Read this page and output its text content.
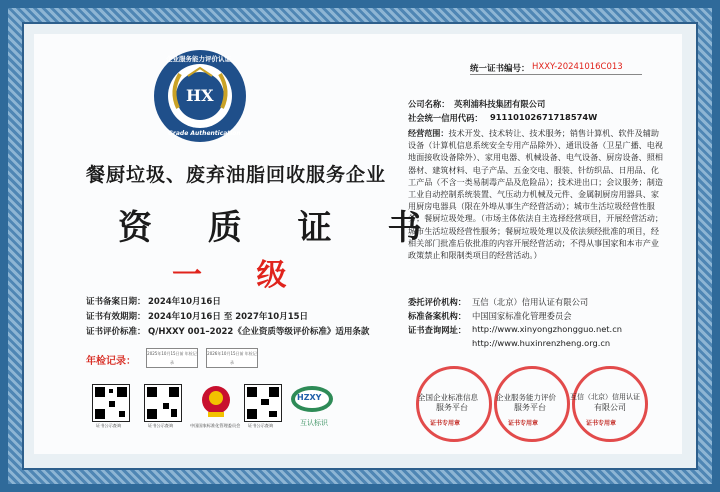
统一证书编号： HXXY-20241016C013
HX
企业服务能力评价认证
Grade Authentication
餐厨垃圾、废弃油脂回收服务企业
资 质 证 书
一 级
证书备案日期： 2024年10月16日
证书有效期期： 2024年10月16日 至 2027年10月15日
证书评价标准： Q/HXXY 001–2022《企业资质等级评价标准》适用条款
年检记录：
2025年10月15日前 年检记录
2026年10月15日前 年检记录
证书公示查询	证书公示查询	中国国家标准化管理委员会 证书公示查询
HZXY
互认标识
公司名称： 英利浦科技集团有限公司
社会统一信用代码： 91110102671718574W
经营范围：技术开发、技术转让、技术服务；销售计算机、软件及辅助设备（计算机信息系统安全专用产品除外）、通讯设备（卫星广播、电视地面接收设备除外）、家用电器、机械设备、电气设备、厨房设备、照相器材、建筑材料、电子产品、五金交电、服装、针纺织品、日用品、化工产品（不含一类易制毒产品及危险品）；技术进出口；会议服务；制造工业自动控制系统装置、气压动力机械及元件、金属制厨房用器具、家用厨房电器具（限在外埠从事生产经营活动）；城市生活垃圾经营性服务；餐厨垃圾处理。（市场主体依法自主选择经营项目，开展经营活动；城市生活垃圾经营性服务；餐厨垃圾处理以及依法须经批准的项目，经相关部门批准后依批准的内容开展经营活动；不得从事国家和本市产业政策禁止和限制类项目的经营活动。）
委托评价机构： 互信（北京）信用认证有限公司
标准备案机构： 中国国家标准化管理委员会
证书查询网址： http://www.xinyongzhongguo.net.cn
http://www.huxinrenzheng.org.cn
全国企业标准信息
服务平台
证书专用章
企业服务能力评价
服务平台
证书专用章
互信（北京）信用认证
有限公司
证书专用章
